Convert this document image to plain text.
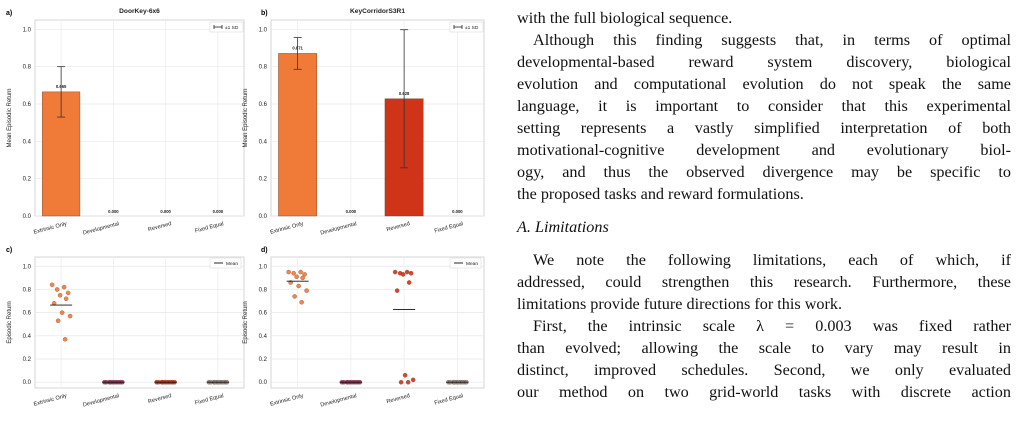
0.0
0.2
0.4
0.6
0.8
1.0
Extrinsic Only	Developmental	Reversed	Fixed Equal
Mean Episodic Return
a)	DoorKey-6x6
0.665
0.000	0.000	0.000
±1 SD
0.0
0.2
0.4
0.6
0.8
1.0
Extrinsic Only	Developmental	Reversed	Fixed Equal
Mean Episodic Return
b)	KeyCorridorS3R1
0.871
0.000
0.628
0.000
±1 SD
0.0
0.2
0.4
0.6
0.8
1.0
Extrinsic Only	Developmental	Reversed	Fixed Equal
Episodic Return
c)
Mean
0.0
0.2
0.4
0.6
0.8
1.0
Extrinsic Only	Developmental	Reversed	Fixed Equal
Episodic Return
d)
Mean
with the full biological sequence.
Although this finding suggests that, in terms of optimal
developmental-based reward system discovery, biological
evolution and computational evolution do not speak the same
language, it is important to consider that this experimental
setting represents a vastly simplified interpretation of both
motivational-cognitive development and evolutionary biol-
ogy, and thus the observed divergence may be specific to
the proposed tasks and reward formulations.
A. Limitations
We note the following limitations, each of which, if
addressed, could strengthen this research. Furthermore, these
limitations provide future directions for this work.
First, the intrinsic scale λ = 0.003 was fixed rather
than evolved; allowing the scale to vary may result in
distinct, improved schedules. Second, we only evaluated
our method on two grid-world tasks with discrete action
